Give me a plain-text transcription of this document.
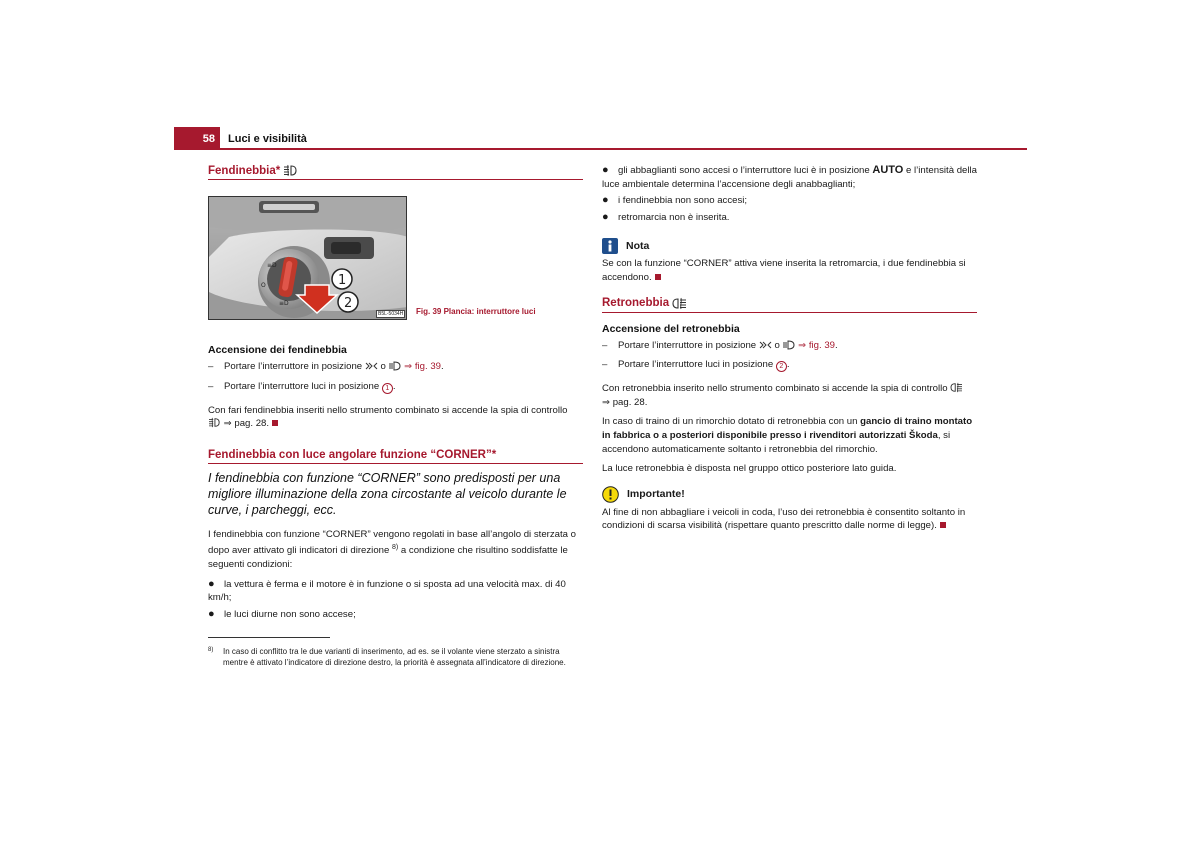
58	Luci e visibilità
≡D
O
≡D
1
2
B5L-5034H Fig. 39 Plancia: interruttore luci
Fendinebbia*
Accensione dei fendinebbia
–	Portare l’interruttore in posizione o ⇒ fig. 39.
–	Portare l’interruttore luci in posizione 1 .

Con fari fendinebbia inseriti nello strumento combinato si accende la spia di controllo
⇒ pag. 28.

Fendinebbia con luce angolare funzione “CORNER”*
I fendinebbia con funzione “CORNER” sono predisposti per una migliore illuminazione della zona circostante al veicolo durante le curve, i parcheggi, ecc.

I fendinebbia con funzione “CORNER” vengono regolati in base all’angolo di sterzata o dopo aver attivato gli indicatori di direzione $^{8)}$ a condizione che risultino soddisfatte le seguenti condizioni:

● la vettura è ferma e il motore è in funzione o si sposta ad una velocità max. di 40 km/h;
● le luci diurne non sono accese;
8)	In caso di conflitto tra le due varianti di inserimento, ad es. se il volante viene sterzato a sinistra mentre è attivato l’indicatore di direzione destro, la priorità è assegnata all’indicatore di direzione.
● gli abbaglianti sono accesi o l’interruttore luci è in posizione AUTO e l’intensità della luce ambientale determina l’accensione degli anabbaglianti;
● i fendinebbia non sono accesi;
● retromarcia non è inserita.
Nota

Se con la funzione “CORNER” attiva viene inserita la retromarcia, i due fendinebbia si accendono.

Retronebbia
Accensione del retronebbia
–	Portare l’interruttore in posizione o ⇒ fig. 39.
–	Portare l’interruttore luci in posizione 2 .

Con retronebbia inserito nello strumento combinato si accende la spia di controllo
⇒ pag. 28.

In caso di traino di un rimorchio dotato di retronebbia con un gancio di traino montato in fabbrica o a posteriori disponibile presso i rivenditori autorizzati Škoda, si accendono automaticamente soltanto i retronebbia del rimorchio.

La luce retronebbia è disposta nel gruppo ottico posteriore lato guida.

Importante!

Al fine di non abbagliare i veicoli in coda, l’uso dei retronebbia è consentito soltanto in condizioni di scarsa visibilità (rispettare quanto prescritto dalle norme di legge).
